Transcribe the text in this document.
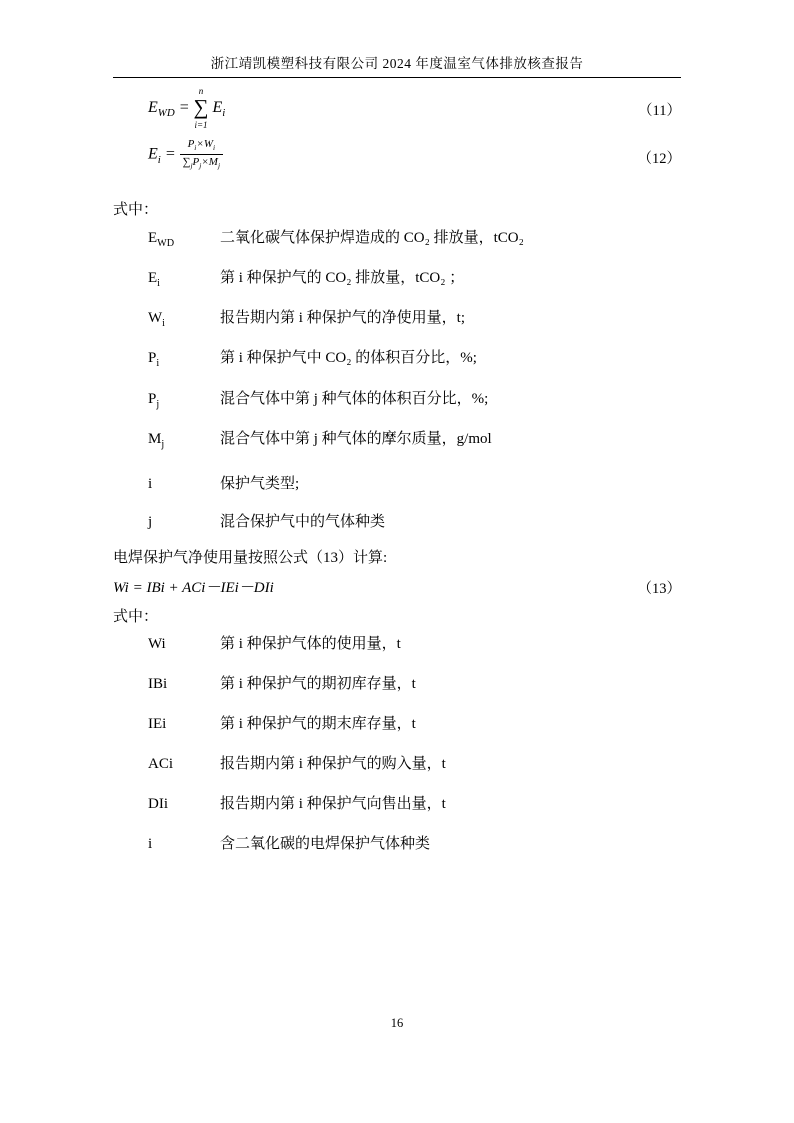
浙江靖凯模塑科技有限公司 2024 年度温室气体排放核查报告
$E_{WD}$ = ∑
n
i=1
$E_i$	（11）
$E_i = \frac{P_i\times W_i}{\sum_jP_j\times M_j}$	（12）
式中：
$E_{WD}$	二氧化碳气体保护焊造成的 CO₂ 排放量，tCO₂
$E_i$	第 i 种保护气的 CO₂ 排放量，tCO₂ ；
$W_i$	报告期内第 i 种保护气的净使用量，t;
$P_i$	第 i 种保护气中 CO₂ 的体积百分比，%;
$P_j$	混合气体中第 j 种气体的体积百分比，%;
$M_j$	混合气体中第 j 种气体的摩尔质量，g/mol
i	保护气类型;
j	混合保护气中的气体种类
电焊保护气净使用量按照公式（13）计算:
Wi = IBi + ACi－IEi－DIi	（13）
式中：
Wi	第 i 种保护气体的使用量，t
IBi	第 i 种保护气的期初库存量，t
IEi	第 i 种保护气的期末库存量，t
ACi	报告期内第 i 种保护气的购入量，t
DIi	报告期内第 i 种保护气向售出量，t
i	含二氧化碳的电焊保护气体种类
16
